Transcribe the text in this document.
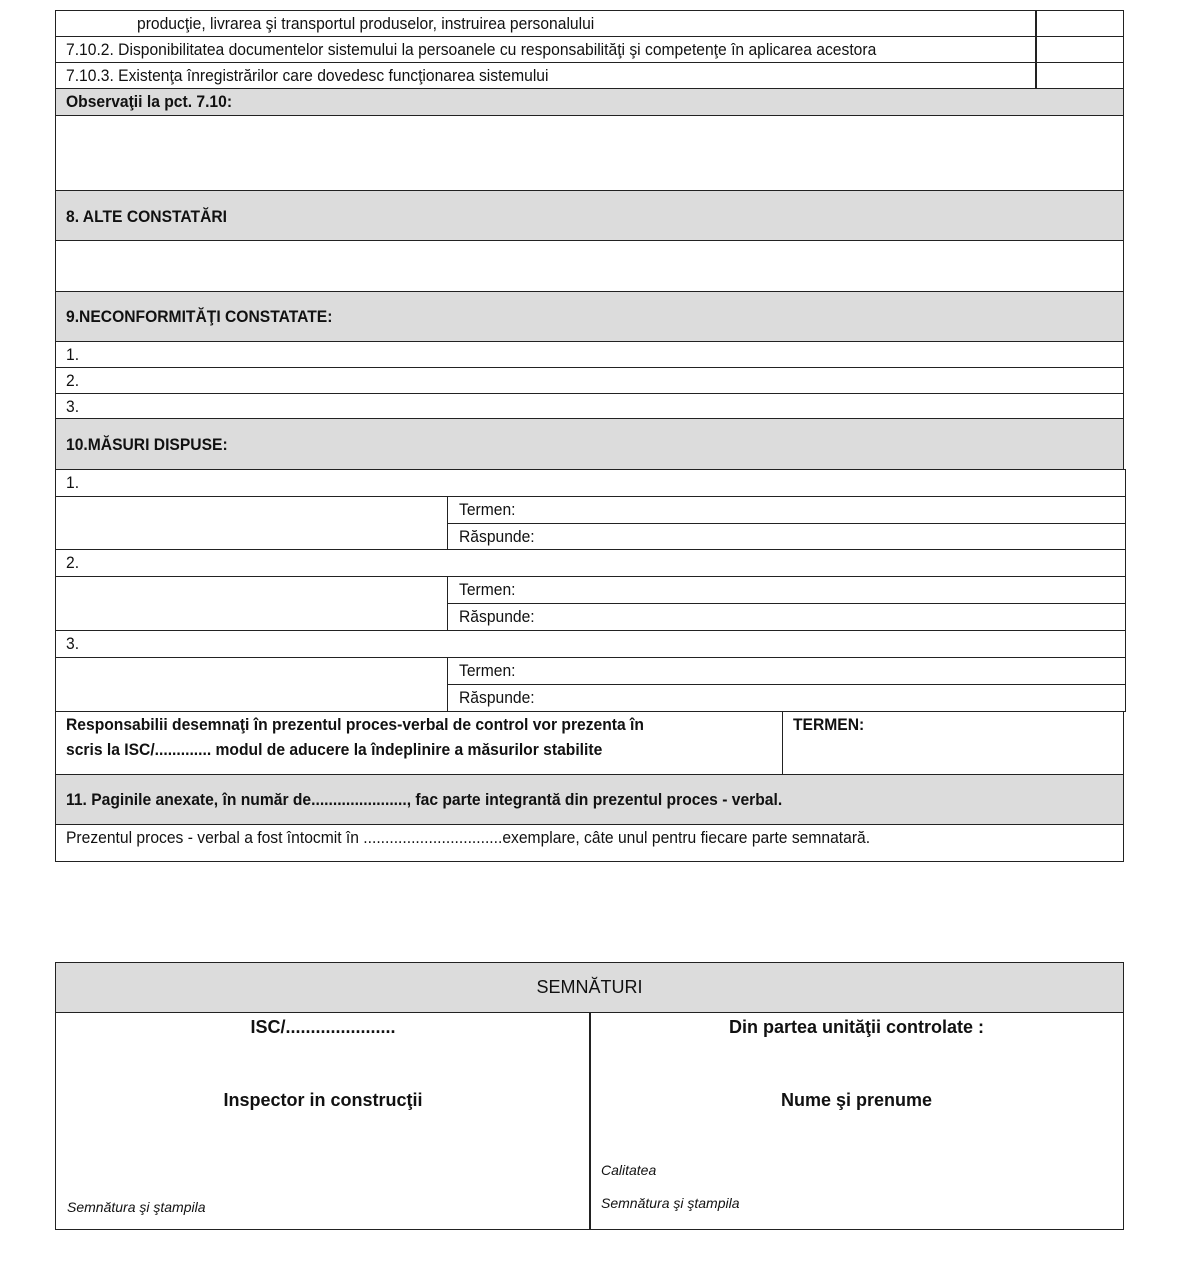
producţie, livrarea şi transportul produselor, instruirea personalului
7.10.2. Disponibilitatea documentelor sistemului la persoanele cu responsabilităţi şi competenţe în aplicarea acestora
7.10.3. Existenţa înregistrărilor care dovedesc funcţionarea sistemului
Observaţii la pct. 7.10:
8. ALTE CONSTATĂRI
9.NECONFORMITĂŢI CONSTATATE:
1.
2.
3.
10.MĂSURI DISPUSE:
1.
Termen:
Răspunde:
2.
Termen:
Răspunde:
3.
Termen:
Răspunde:
Responsabilii desemnaţi în prezentul proces-verbal de control vor prezenta în
scris la ISC/............. modul de aducere la îndeplinire a măsurilor stabilite
TERMEN:
11. Paginile anexate, în număr de......................, fac parte integrantă din prezentul proces - verbal.
Prezentul proces - verbal a fost întocmit în ................................exemplare, câte unul pentru fiecare parte semnatară.
SEMNĂTURI
ISC/......................
Inspector in construcţii
Semnătura şi ştampila
Din partea unităţii controlate :
Nume şi prenume
Calitatea
Semnătura şi ştampila
